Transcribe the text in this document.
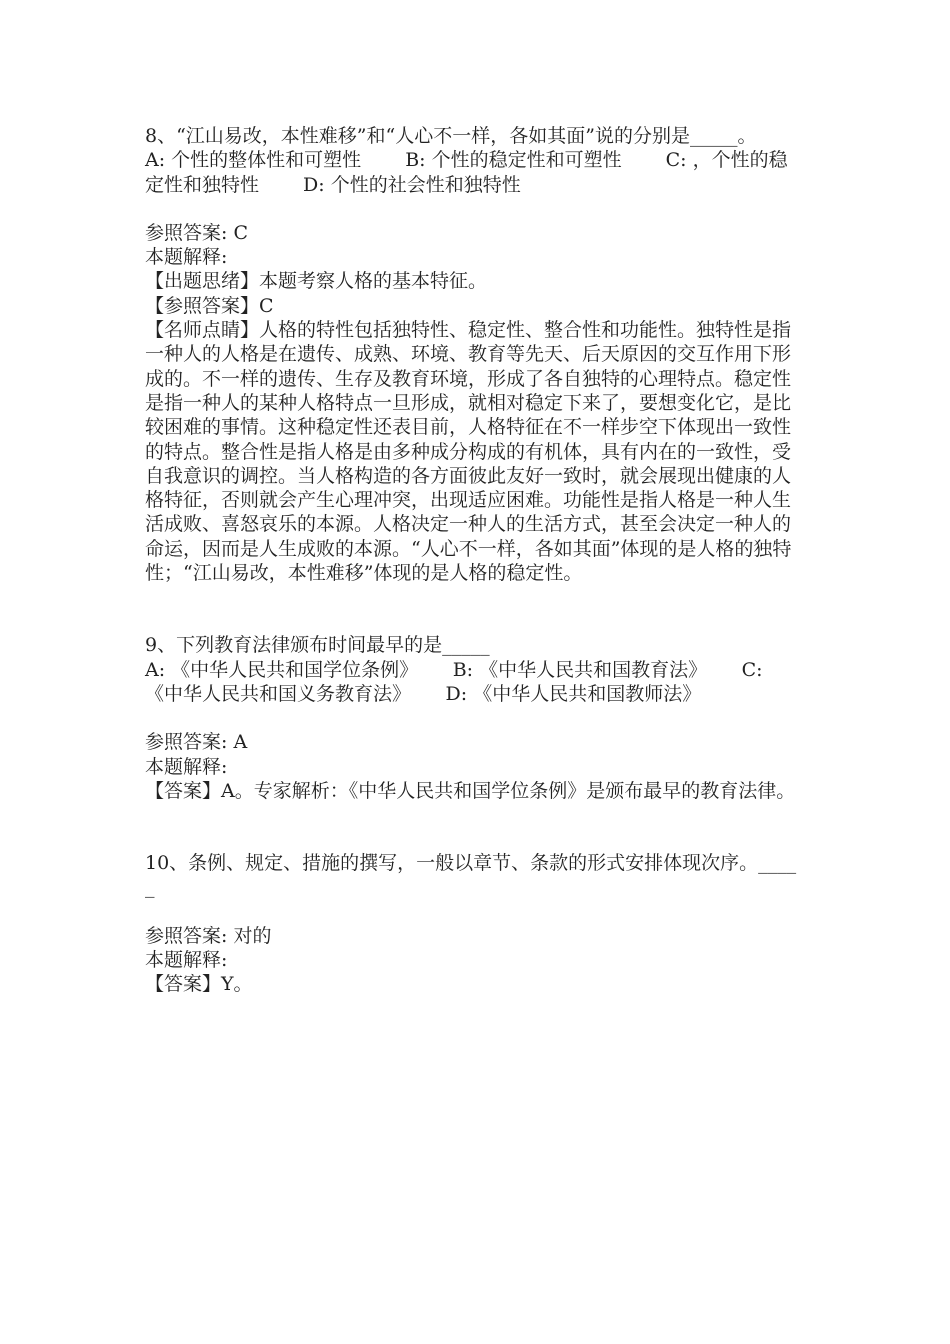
8、“江山易改，本性难移”和“人心不一样，各如其面”说的分别是_____。
A: 个性的整体性和可塑性　　 B: 个性的稳定性和可塑性　　 C: ，个性的稳定性和独特性　　 D: 个性的社会性和独特性
参照答案: C
本题解释:
【出题思绪】本题考察人格的基本特征。
【参照答案】C
【名师点睛】人格的特性包括独特性、稳定性、整合性和功能性。独特性是指一种人的人格是在遗传、成熟、环境、教育等先天、后天原因的交互作用下形成的。不一样的遗传、生存及教育环境，形成了各自独特的心理特点。稳定性是指一种人的某种人格特点一旦形成，就相对稳定下来了，要想变化它，是比较困难的事情。这种稳定性还表目前，人格特征在不一样步空下体现出一致性的特点。整合性是指人格是由多种成分构成的有机体，具有内在的一致性，受自我意识的调控。当人格构造的各方面彼此友好一致时，就会展现出健康的人格特征，否则就会产生心理冲突，出现适应困难。功能性是指人格是一种人生活成败、喜怒哀乐的本源。人格决定一种人的生活方式，甚至会决定一种人的命运，因而是人生成败的本源。“人心不一样，各如其面”体现的是人格的独特性；“江山易改，本性难移”体现的是人格的稳定性。
9、下列教育法律颁布时间最早的是_____
A: 《中华人民共和国学位条例》　　 B: 《中华人民共和国教育法》　　 C: 《中华人民共和国义务教育法》　　 D: 《中华人民共和国教师法》
参照答案: A
本题解释:
【答案】A。专家解析：《中华人民共和国学位条例》是颁布最早的教育法律。
10、条例、规定、措施的撰写，一般以章节、条款的形式安排体现次序。_____
参照答案: 对的
本题解释:
【答案】Y。
